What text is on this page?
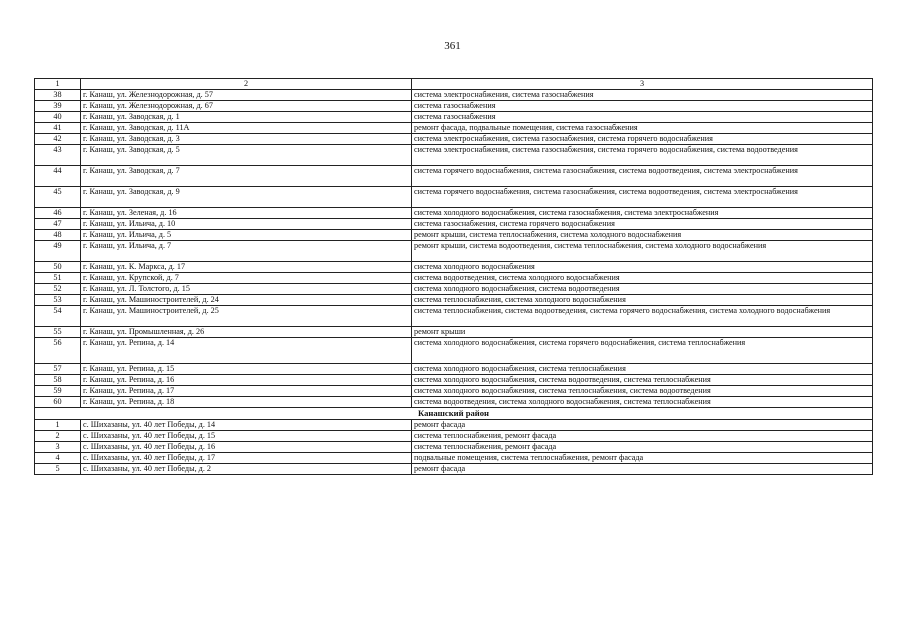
361
1	2	3
38	г. Канаш, ул. Железнодорожная, д. 57	система электроснабжения, система газоснабжения
39	г. Канаш, ул. Железнодорожная, д. 67	система газоснабжения
40	г. Канаш, ул. Заводская, д. 1	система газоснабжения
41	г. Канаш, ул. Заводская, д. 11А	ремонт фасада, подвальные помещения, система газоснабжения
42	г. Канаш, ул. Заводская, д. 3	система электроснабжения, система газоснабжения, система горячего водоснабжения
43	г. Канаш, ул. Заводская, д. 5	система электроснабжения, система газоснабжения, система горячего водоснабжения, система водоотведения
44	г. Канаш, ул. Заводская, д. 7	система горячего водоснабжения, система газоснабжения, система водоотведения, система электроснабжения
45	г. Канаш, ул. Заводская, д. 9	система горячего водоснабжения, система газоснабжения, система водоотведения, система электроснабжения
46	г. Канаш, ул. Зеленая, д. 16	система холодного водоснабжения, система газоснабжения, система электроснабжения
47	г. Канаш, ул. Ильича, д. 10	система газоснабжения, система горячего водоснабжения
48	г. Канаш, ул. Ильича, д. 5	ремонт крыши, система теплоснабжения, система холодного водоснабжения
49	г. Канаш, ул. Ильича, д. 7	ремонт крыши, система водоотведения, система теплоснабжения, система холодного водоснабжения
50	г. Канаш, ул. К. Маркса, д. 17	система холодного водоснабжения
51	г. Канаш, ул. Крупской, д. 7	система водоотведения, система холодного водоснабжения
52	г. Канаш, ул. Л. Толстого, д. 15	система холодного водоснабжения, система водоотведения
53	г. Канаш, ул. Машиностроителей, д. 24	система теплоснабжения, система холодного водоснабжения
54	г. Канаш, ул. Машиностроителей, д. 25	система теплоснабжения, система водоотведения, система горячего водоснабжения, система холодного водоснабжения
55	г. Канаш, ул. Промышленная, д. 26	ремонт крыши
56	г. Канаш, ул. Репина, д. 14	система холодного водоснабжения, система горячего водоснабжения, система теплоснабжения
57	г. Канаш, ул. Репина, д. 15	система холодного водоснабжения, система теплоснабжения
58	г. Канаш, ул. Репина, д. 16	система холодного водоснабжения, система водоотведения, система теплоснабжения
59	г. Канаш, ул. Репина, д. 17	система холодного водоснабжения, система теплоснабжения, система водоотведения
60	г. Канаш, ул. Репина, д. 18	система водоотведения, система холодного водоснабжения, система теплоснабжения
Канашский район		
1	с. Шихазаны, ул. 40 лет Победы, д. 14	ремонт фасада
2	с. Шихазаны, ул. 40 лет Победы, д. 15	система теплоснабжения, ремонт фасада
3	с. Шихазаны, ул. 40 лет Победы, д. 16	система теплоснабжения, ремонт фасада
4	с. Шихазаны, ул. 40 лет Победы, д. 17	подвальные помещения, система теплоснабжения, ремонт фасада
5	с. Шихазаны, ул. 40 лет Победы, д. 2	ремонт фасада
